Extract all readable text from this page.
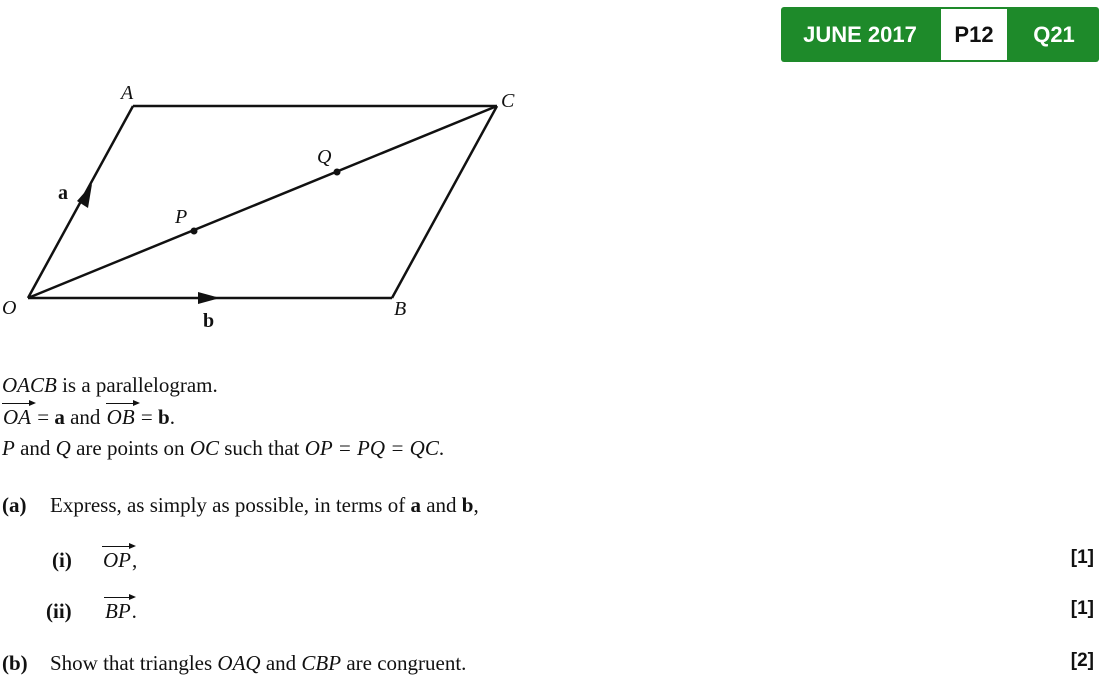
JUNE 2017	P12	Q21
O
A	C
B
P
Q
a
b
OACB is a parallelogram.
OA = a and OB = b.
P and Q are points on OC such that OP = PQ = QC.
(a) Express, as simply as possible, in terms of a and b,
(i) OP,	[1]
(ii) BP.	[1]
(b) Show that triangles OAQ and CBP are congruent.	[2]
